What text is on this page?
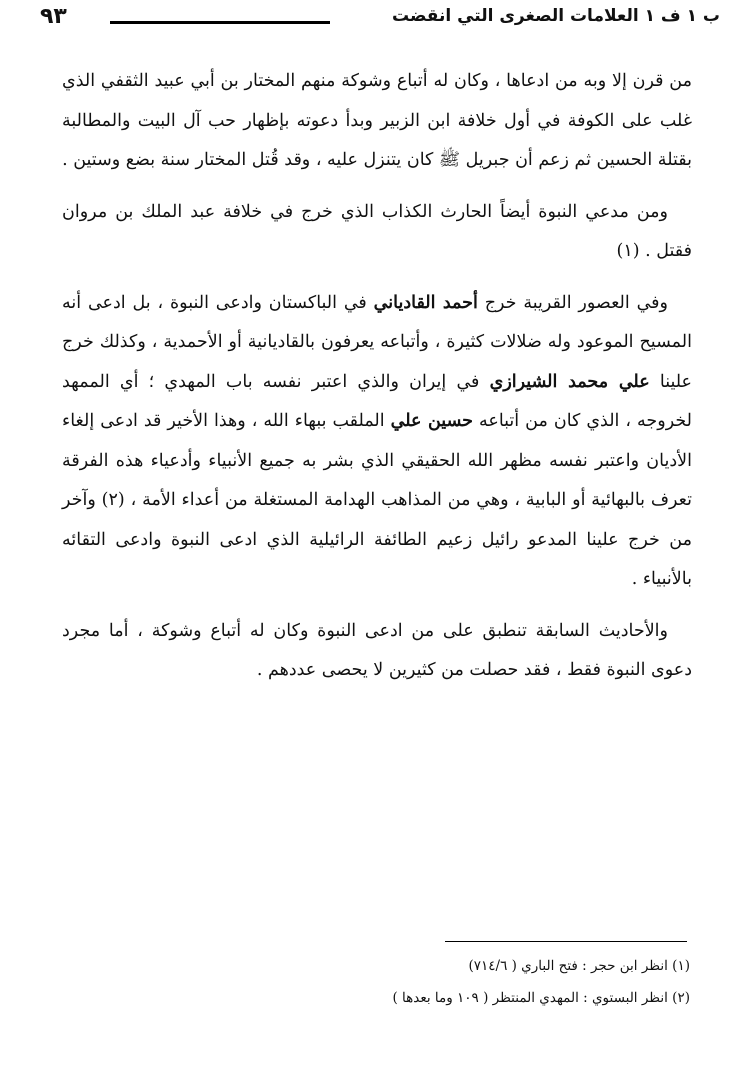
ب ١ ف ١ العلامات الصغرى التي انقضت
٩٣

من قرن إلا وبه من ادعاها ، وكان له أتباع وشوكة منهم المختار بن أبي عبيد الثقفي الذي غلب على الكوفة في أول خلافة ابن الزبير وبدأ دعوته بإظهار حب آل البيت والمطالبة بقتلة الحسين ثم زعم أن جبريل ﷺ كان يتنزل عليه ، وقد قُتل المختار سنة بضع وستين .

ومن مدعي النبوة أيضاً الحارث الكذاب الذي خرج في خلافة عبد الملك بن مروان فقتل . (١)

وفي العصور القريبة خرج أحمد القادياني في الباكستان وادعى النبوة ، بل ادعى أنه المسيح الموعود وله ضلالات كثيرة ، وأتباعه يعرفون بالقاديانية أو الأحمدية ، وكذلك خرج علينا علي محمد الشيرازي في إيران والذي اعتبر نفسه باب المهدي ؛ أي الممهد لخروجه ، الذي كان من أتباعه حسين علي الملقب ببهاء الله ، وهذا الأخير قد ادعى إلغاء الأديان واعتبر نفسه مظهر الله الحقيقي الذي بشر به جميع الأنبياء وأدعياء هذه الفرقة تعرف بالبهائية أو البابية ، وهي من المذاهب الهدامة المستغلة من أعداء الأمة ، (٢) وآخر من خرج علينا المدعو رائيل زعيم الطائفة الرائيلية الذي ادعى النبوة وادعى التقائه بالأنبياء .

والأحاديث السابقة تنطبق على من ادعى النبوة وكان له أتباع وشوكة ، أما مجرد دعوى النبوة فقط ، فقد حصلت من كثيرين لا يحصى عددهم .

(١) انظر ابن حجر : فتح الباري ( ٧١٤/٦)
(٢) انظر البستوي : المهدي المنتظر ( ١٠٩ وما بعدها )
